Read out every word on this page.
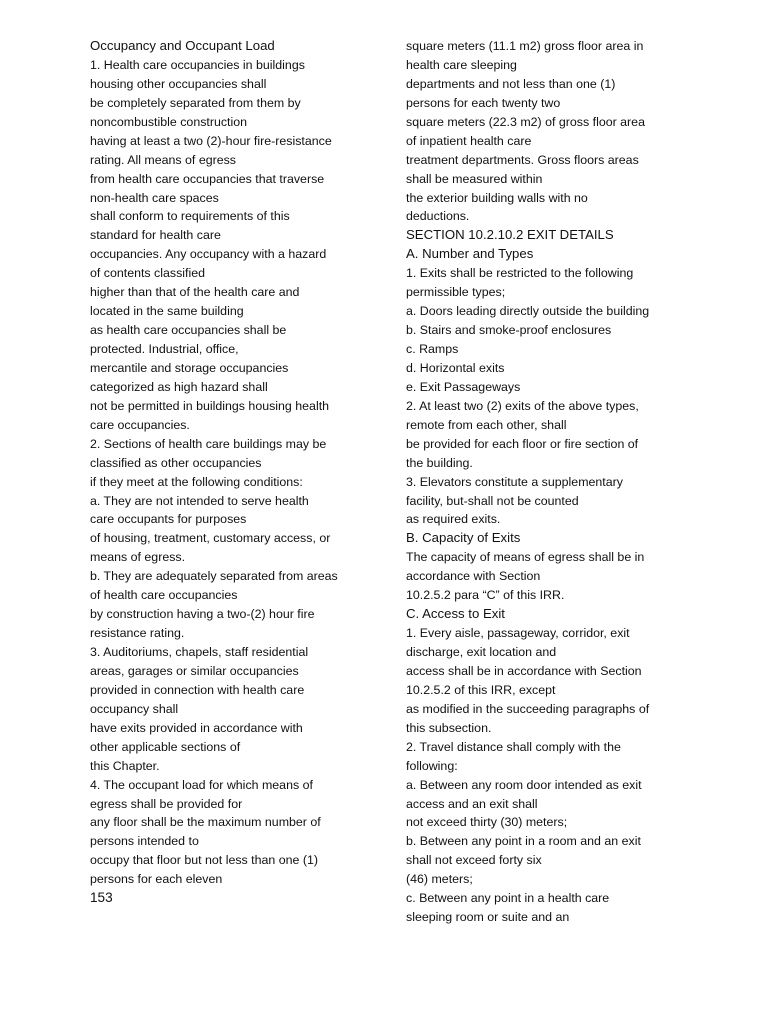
Occupancy and Occupant Load
1. Health care occupancies in buildings
housing other occupancies shall
be completely separated from them by
noncombustible construction
having at least a two (2)-hour fire-resistance
rating. All means of egress
from health care occupancies that traverse
non-health care spaces
shall conform to requirements of this
standard for health care
occupancies. Any occupancy with a hazard
of contents classified
higher than that of the health care and
located in the same building
as health care occupancies shall be
protected. Industrial, office,
mercantile and storage occupancies
categorized as high hazard shall
not be permitted in buildings housing health
care occupancies.
2. Sections of health care buildings may be
classified as other occupancies
if they meet at the following conditions:
a. They are not intended to serve health
care occupants for purposes
of housing, treatment, customary access, or
means of egress.
b. They are adequately separated from areas
of health care occupancies
by construction having a two-(2) hour fire
resistance rating.
3. Auditoriums, chapels, staff residential
areas, garages or similar occupancies
provided in connection with health care
occupancy shall
have exits provided in accordance with
other applicable sections of
this Chapter.
4. The occupant load for which means of
egress shall be provided for
any floor shall be the maximum number of
persons intended to
occupy that floor but not less than one (1)
persons for each eleven
square meters (11.1 m2) gross floor area in
health care sleeping
departments and not less than one (1)
persons for each twenty two
square meters (22.3 m2) of gross floor area
of inpatient health care
treatment departments. Gross floors areas
shall be measured within
the exterior building walls with no
deductions.
SECTION 10.2.10.2 EXIT DETAILS
A. Number and Types
1. Exits shall be restricted to the following
permissible types;
a. Doors leading directly outside the building
b. Stairs and smoke-proof enclosures
c. Ramps
d. Horizontal exits
e. Exit Passageways
2. At least two (2) exits of the above types,
remote from each other, shall
be provided for each floor or fire section of
the building.
3. Elevators constitute a supplementary
facility, but-shall not be counted
as required exits.
B. Capacity of Exits
The capacity of means of egress shall be in
accordance with Section
10.2.5.2 para “C” of this IRR.
C. Access to Exit
1. Every aisle, passageway, corridor, exit
discharge, exit location and
access shall be in accordance with Section
10.2.5.2 of this IRR, except
as modified in the succeeding paragraphs of
this subsection.
2. Travel distance shall comply with the
following:
a. Between any room door intended as exit
access and an exit shall
not exceed thirty (30) meters;
b. Between any point in a room and an exit
shall not exceed forty six
(46) meters;
c. Between any point in a health care
sleeping room or suite and an
153
